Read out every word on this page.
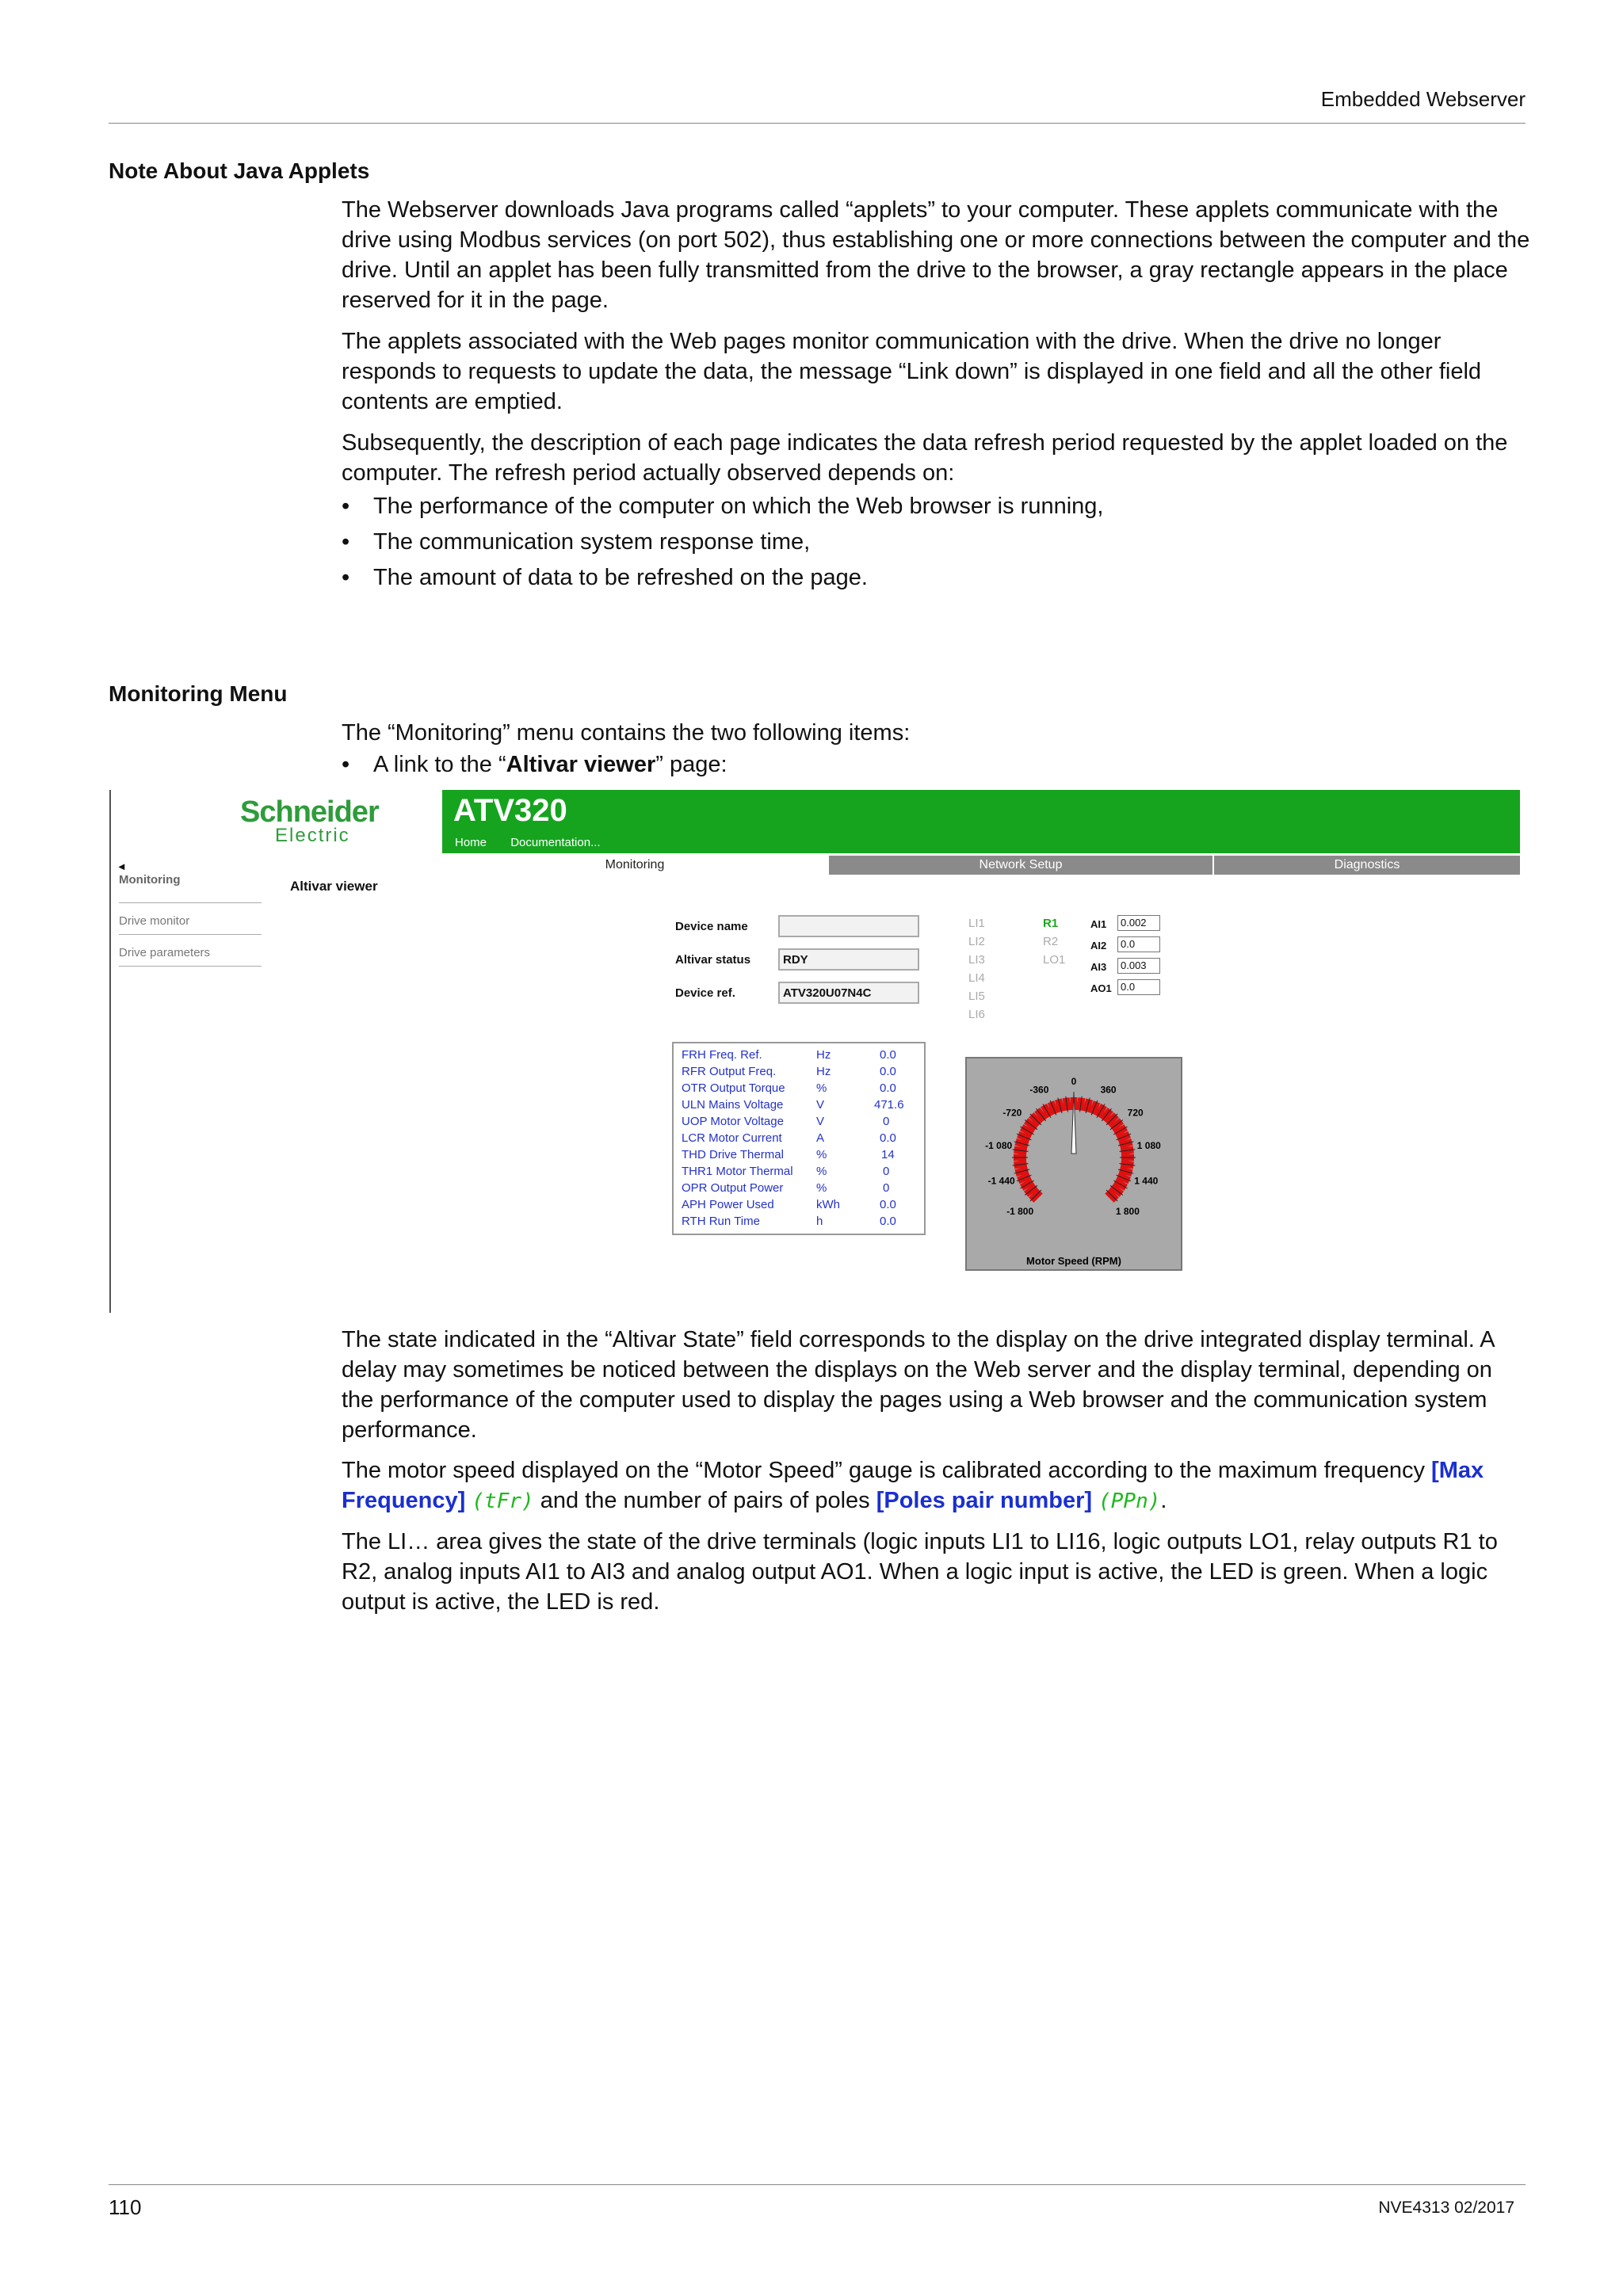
Embedded Webserver
Note About Java Applets

The Webserver downloads Java programs called “applets” to your computer. These applets communicate with the drive using Modbus services (on port 502), thus establishing one or more connections between the computer and the drive. Until an applet has been fully transmitted from the drive to the browser, a gray rectangle appears in the place reserved for it in the page.

The applets associated with the Web pages monitor communication with the drive. When the drive no longer responds to requests to update the data, the message “Link down” is displayed in one field and all the other field contents are emptied.

Subsequently, the description of each page indicates the data refresh period requested by the applet loaded on the computer. The refresh period actually observed depends on:

• The performance of the computer on which the Web browser is running,
• The communication system response time,
• The amount of data to be refreshed on the page.
Monitoring Menu

The “Monitoring” menu contains the two following items:

• A link to the “Altivar viewer” page:
Schneider
Electric
ATV320
Home Documentation...
Monitoring	Network Setup	Diagnostics
◂
Monitoring
Drive monitor
Drive parameters
Altivar viewer
Device name
Altivar status	RDY
Device ref.	ATV320U07N4C
LI1
LI2
LI3
LI4
LI5
LI6
R1
R2
LO1
AI1	0.002
AI2	0.0
AI3	0.003
AO1 0.0
FRH Freq. Ref.	Hz	0.0
RFR Output Freq.	Hz	0.0
OTR Output Torque	%	0.0
ULN Mains Voltage	V	471.6
UOP Motor Voltage	V	0
LCR Motor Current	A	0.0
THD Drive Thermal	%	14
THR1 Motor Thermal %	0
OPR Output Power	%	0
APH Power Used	kWh	0.0
RTH Run Time	h	0.0
-1 800
-1 440
-1 080
-720
-360
0
360
720
1 080
1 440
1 800
Motor Speed (RPM)

The state indicated in the “Altivar State” field corresponds to the display on the drive integrated display terminal. A delay may sometimes be noticed between the displays on the Web server and the display terminal, depending on the performance of the computer used to display the pages using a Web browser and the communication system performance.

The motor speed displayed on the “Motor Speed” gauge is calibrated according to the maximum frequency [Max Frequency] (tFr) and the number of pairs of poles [Poles pair number] (PPn).

The LI… area gives the state of the drive terminals (logic inputs LI1 to LI16, logic outputs LO1, relay outputs R1 to R2, analog inputs AI1 to AI3 and analog output AO1. When a logic input is active, the LED is green. When a logic output is active, the LED is red.

110	NVE4313 02/2017
